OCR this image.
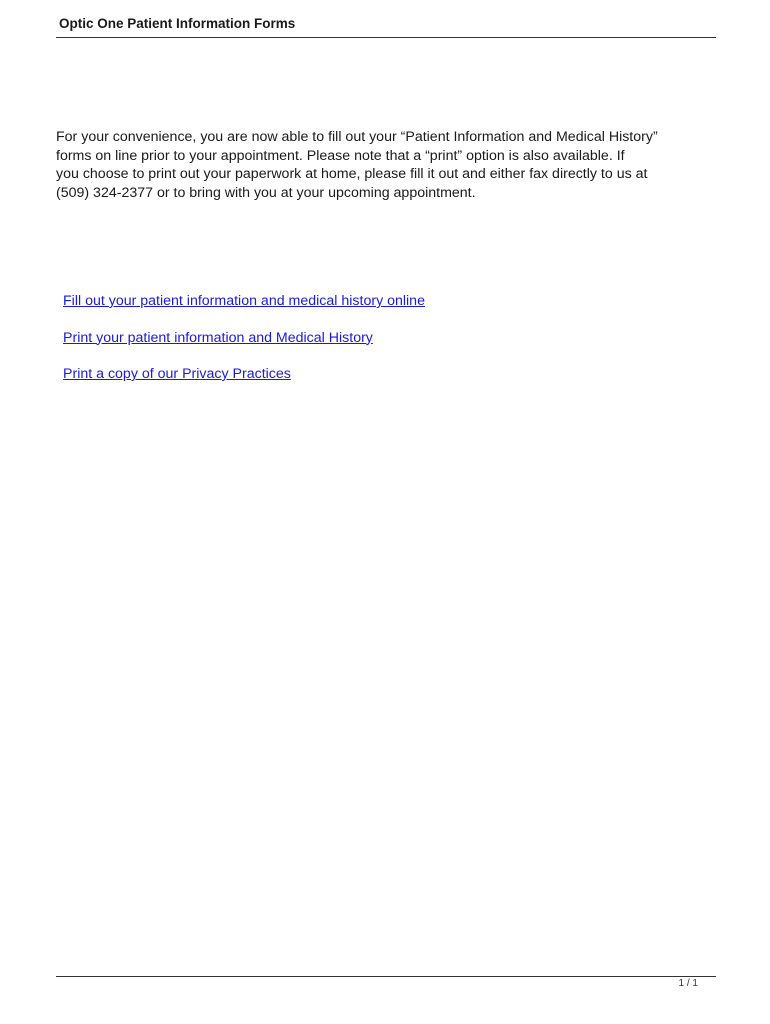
Optic One Patient Information Forms
For your convenience, you are now able to fill out your “Patient Information and Medical History”
forms on line prior to your appointment. Please note that a “print” option is also available. If
you choose to print out your paperwork at home, please fill it out and either fax directly to us at
(509) 324-2377 or to bring with you at your upcoming appointment.
Fill out your patient information and medical history online
Print your patient information and Medical History
Print a copy of our Privacy Practices
1 / 1
